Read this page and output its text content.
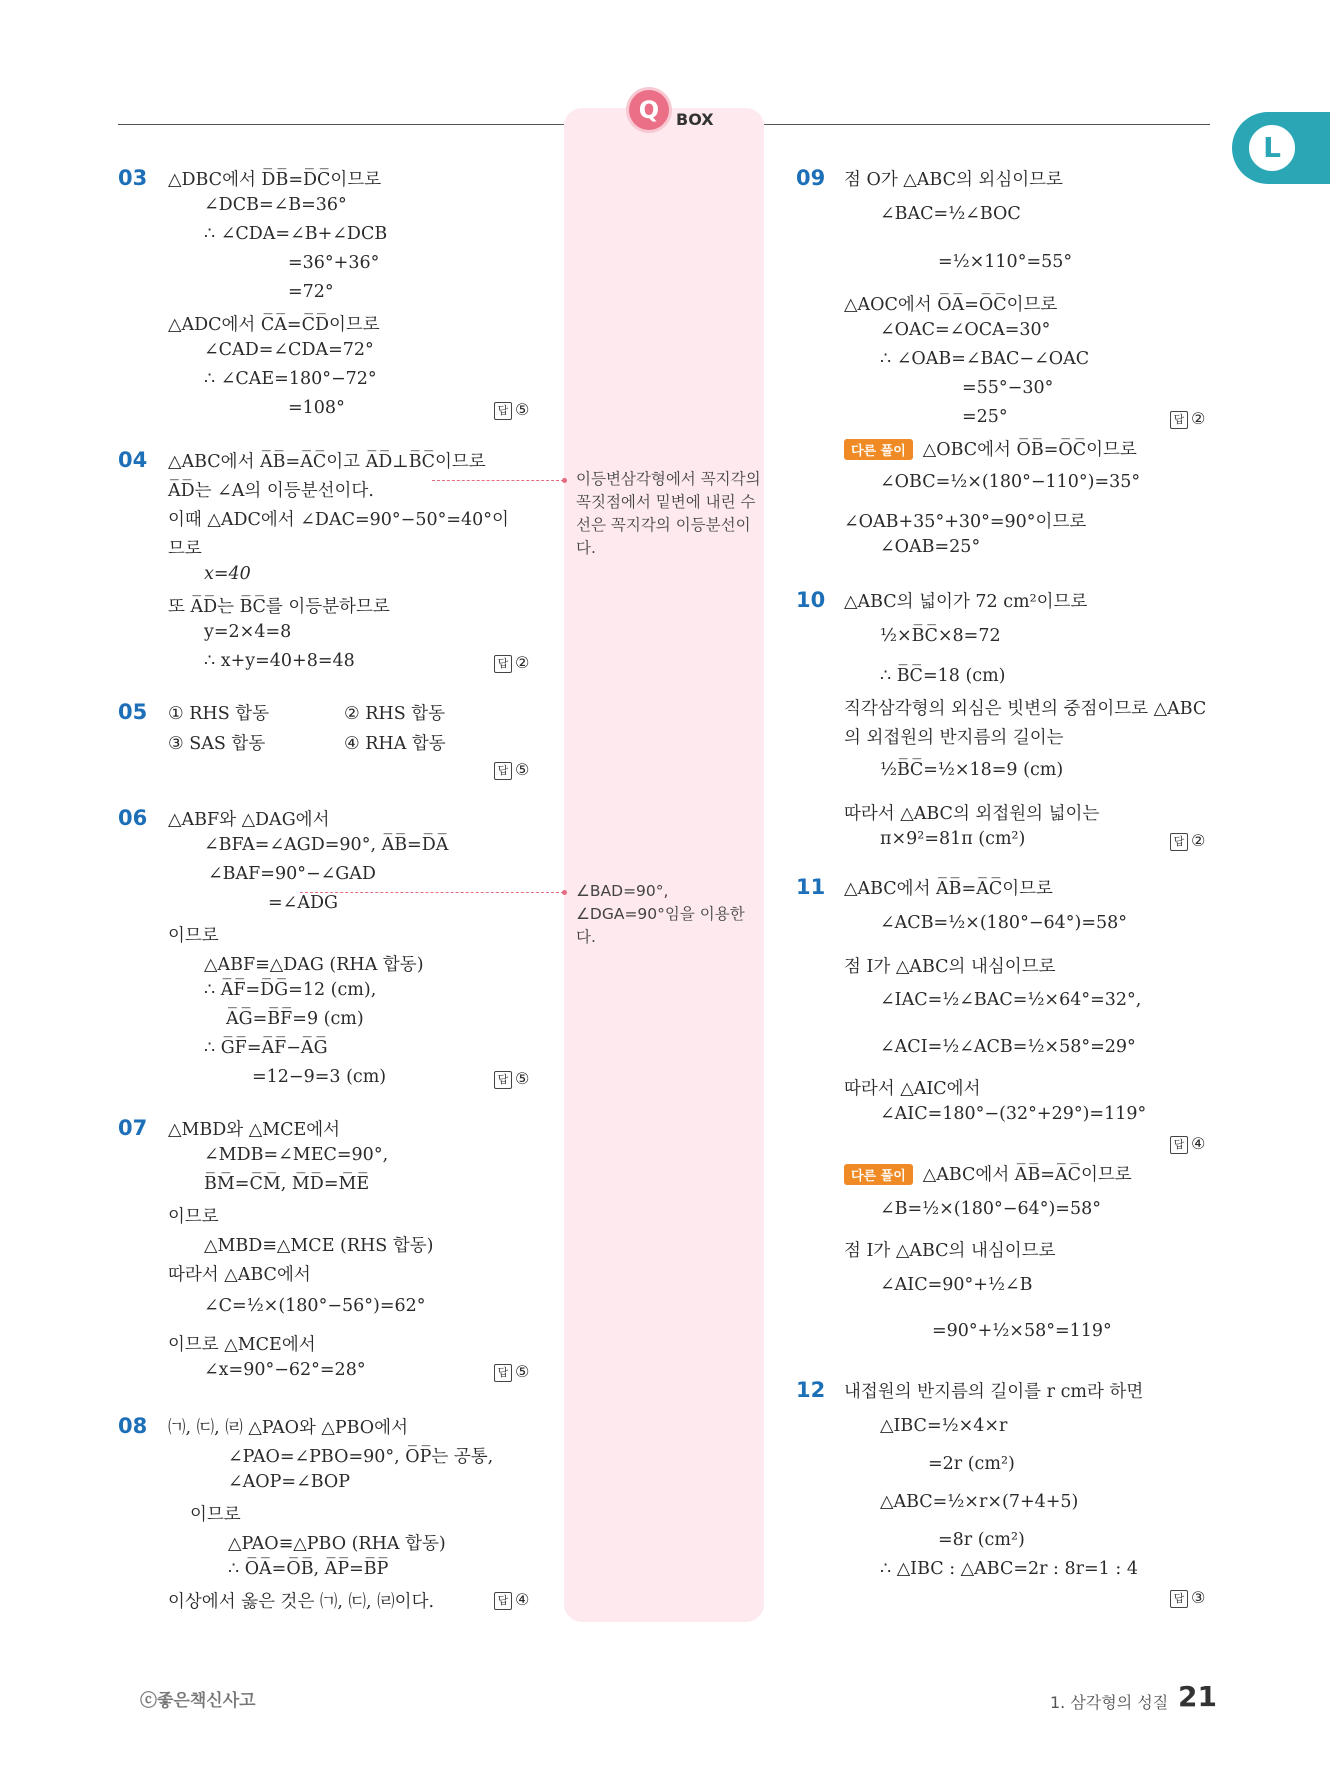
Q	BOX
L
03 △DBC에서 D̅B̅=D̅C̅이므로
∠DCB=∠B=36°
∴ ∠CDA=∠B+∠DCB
=36°+36°
=72°
△ADC에서 C̅A̅=C̅D̅이므로
∠CAD=∠CDA=72°
∴ ∠CAE=180°−72°
=108°	답 ⑤
04 △ABC에서 A̅B̅=A̅C̅이고 A̅D̅⊥B̅C̅이므로
A̅D̅는 ∠A의 이등분선이다.
이때 △ADC에서 ∠DAC=90°−50°=40°이
므로
x=40
또 A̅D̅는 B̅C̅를 이등분하므로
y=2×4=8
∴ x+y=40+8=48	답 ②
05 ① RHS 합동	② RHS 합동
③ SAS 합동	④ RHA 합동
답 ⑤
06 △ABF와 △DAG에서
∠BFA=∠AGD=90°, A̅B̅=D̅A̅
∠BAF=90°−∠GAD
=∠ADG
이므로
△ABF≡△DAG (RHA 합동)
∴ A̅F̅=D̅G̅=12 (cm),
A̅G̅=B̅F̅=9 (cm)
∴ G̅F̅=A̅F̅−A̅G̅
=12−9=3 (cm)	답 ⑤
07 △MBD와 △MCE에서
∠MDB=∠MEC=90°,
B̅M̅=C̅M̅, M̅D̅=M̅E̅
이므로
△MBD≡△MCE (RHS 합동)
따라서 △ABC에서
∠C=½×(180°−56°)=62°
이므로 △MCE에서
∠x=90°−62°=28°	답 ⑤
08 ㈀, ㈂, ㈃ △PAO와 △PBO에서
∠PAO=∠PBO=90°, O̅P̅는 공통,
∠AOP=∠BOP
이므로
△PAO≡△PBO (RHA 합동)
∴ O̅A̅=O̅B̅, A̅P̅=B̅P̅
이상에서 옳은 것은 ㈀, ㈂, ㈃이다.	답 ④
이등변삼각형에서 꼭지각의
꼭짓점에서 밑변에 내린 수
선은 꼭지각의 이등분선이
다.
∠BAD=90°,
∠DGA=90°임을 이용한
다.
09 점 O가 △ABC의 외심이므로
∠BAC=½∠BOC
=½×110°=55°
△AOC에서 O̅A̅=O̅C̅이므로
∠OAC=∠OCA=30°
∴ ∠OAB=∠BAC−∠OAC
=55°−30°
=25°	답 ②
다른 풀이 △OBC에서 O̅B̅=O̅C̅이므로
∠OBC=½×(180°−110°)=35°
∠OAB+35°+30°=90°이므로
∠OAB=25°
10 △ABC의 넓이가 72 cm²이므로
½×B̅C̅×8=72
∴ B̅C̅=18 (cm)
직각삼각형의 외심은 빗변의 중점이므로 △ABC
의 외접원의 반지름의 길이는
½B̅C̅=½×18=9 (cm)
따라서 △ABC의 외접원의 넓이는
π×9²=81π (cm²)	답 ②
11 △ABC에서 A̅B̅=A̅C̅이므로
∠ACB=½×(180°−64°)=58°
점 I가 △ABC의 내심이므로
∠IAC=½∠BAC=½×64°=32°,
∠ACI=½∠ACB=½×58°=29°
따라서 △AIC에서
∠AIC=180°−(32°+29°)=119°
답 ④
다른 풀이 △ABC에서 A̅B̅=A̅C̅이므로
∠B=½×(180°−64°)=58°
점 I가 △ABC의 내심이므로
∠AIC=90°+½∠B
=90°+½×58°=119°
12 내접원의 반지름의 길이를 r cm라 하면
△IBC=½×4×r
=2r (cm²)
△ABC=½×r×(7+4+5)
=8r (cm²)
∴ △IBC : △ABC=2r : 8r=1 : 4
답 ③
ⓒ좋은책신사고	1. 삼각형의 성질 21
